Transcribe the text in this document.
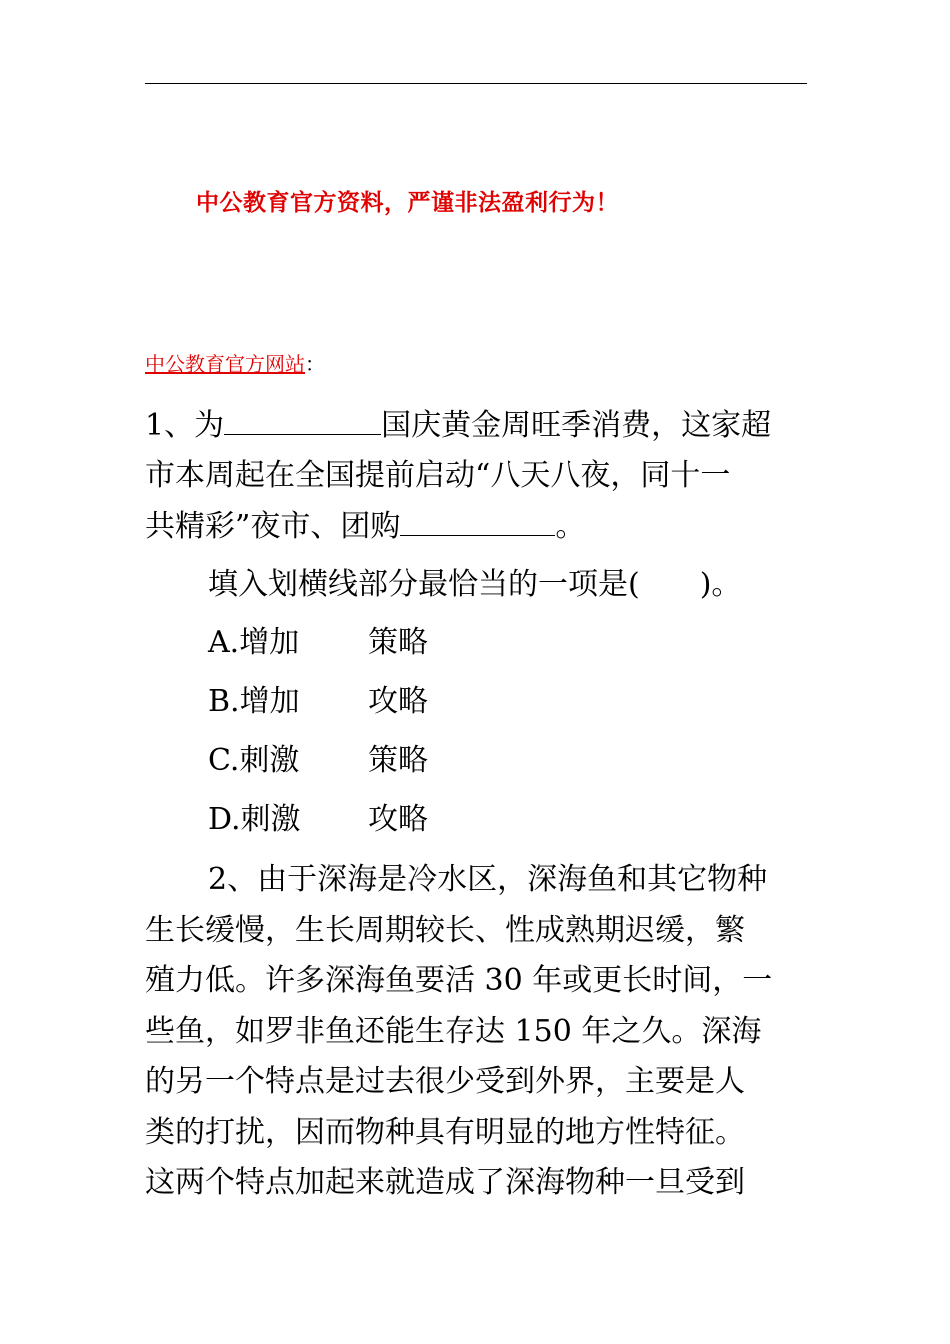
中公教育官方资料，严谨非法盈利行为！
中公教育官方网站：
1、为	国庆黄金周旺季消费，这家超
市本周起在全国提前启动“八天八夜，同十一
共精彩”夜市、团购	。
填入划横线部分最恰当的一项是(　　)。
A.增加 策略
B.增加 攻略
C.刺激 策略
D.刺激 攻略
2、由于深海是冷水区，深海鱼和其它物种
生长缓慢，生长周期较长、性成熟期迟缓，繁
殖力低。许多深海鱼要活 30 年或更长时间，一
些鱼，如罗非鱼还能生存达 150 年之久。深海
的另一个特点是过去很少受到外界，主要是人
类的打扰，因而物种具有明显的地方性特征。
这两个特点加起来就造成了深海物种一旦受到
